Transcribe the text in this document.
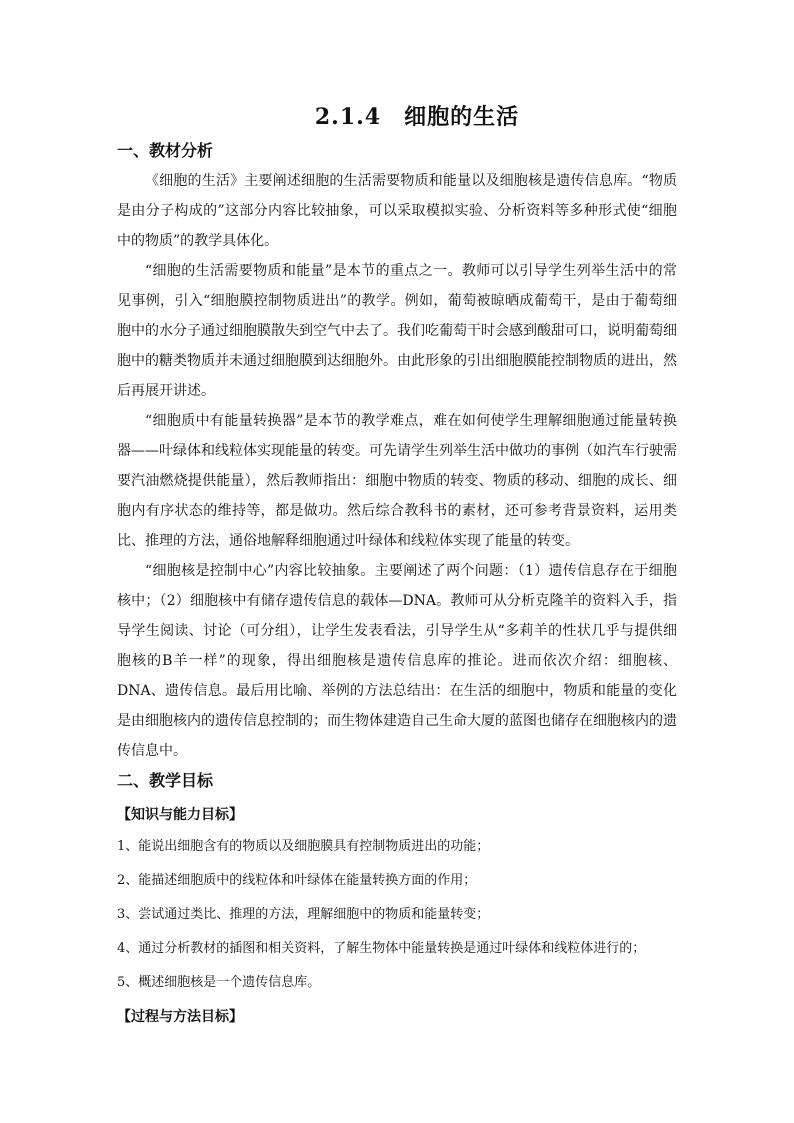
2.1.4　细胞的生活
一、教材分析

《细胞的生活》主要阐述细胞的生活需要物质和能量以及细胞核是遗传信息库。“物质是由分子构成的”这部分内容比较抽象，可以采取模拟实验、分析资料等多种形式使“细胞中的物质”的教学具体化。

“细胞的生活需要物质和能量”是本节的重点之一。教师可以引导学生列举生活中的常见事例，引入“细胞膜控制物质进出”的教学。例如，葡萄被晾晒成葡萄干，是由于葡萄细胞中的水分子通过细胞膜散失到空气中去了。我们吃葡萄干时会感到酸甜可口，说明葡萄细胞中的糖类物质并未通过细胞膜到达细胞外。由此形象的引出细胞膜能控制物质的进出，然后再展开讲述。

“细胞质中有能量转换器”是本节的教学难点，难在如何使学生理解细胞通过能量转换器——叶绿体和线粒体实现能量的转变。可先请学生列举生活中做功的事例（如汽车行驶需要汽油燃烧提供能量），然后教师指出：细胞中物质的转变、物质的移动、细胞的成长、细胞内有序状态的维持等，都是做功。然后综合教科书的素材，还可参考背景资料，运用类比、推理的方法，通俗地解释细胞通过叶绿体和线粒体实现了能量的转变。

“细胞核是控制中心”内容比较抽象。主要阐述了两个问题：（1）遗传信息存在于细胞核中；（2）细胞核中有储存遗传信息的载体—DNA。教师可从分析克隆羊的资料入手，指导学生阅读、讨论（可分组），让学生发表看法，引导学生从“多莉羊的性状几乎与提供细胞核的B羊一样”的现象，得出细胞核是遗传信息库的推论。进而依次介绍：细胞核、DNA、遗传信息。最后用比喻、举例的方法总结出：在生活的细胞中，物质和能量的变化是由细胞核内的遗传信息控制的；而生物体建造自己生命大厦的蓝图也储存在细胞核内的遗传信息中。

二、教学目标
【知识与能力目标】
1、能说出细胞含有的物质以及细胞膜具有控制物质进出的功能；
2、能描述细胞质中的线粒体和叶绿体在能量转换方面的作用；
3、尝试通过类比、推理的方法，理解细胞中的物质和能量转变；
4、通过分析教材的插图和相关资料，了解生物体中能量转换是通过叶绿体和线粒体进行的；
5、概述细胞核是一个遗传信息库。
【过程与方法目标】
